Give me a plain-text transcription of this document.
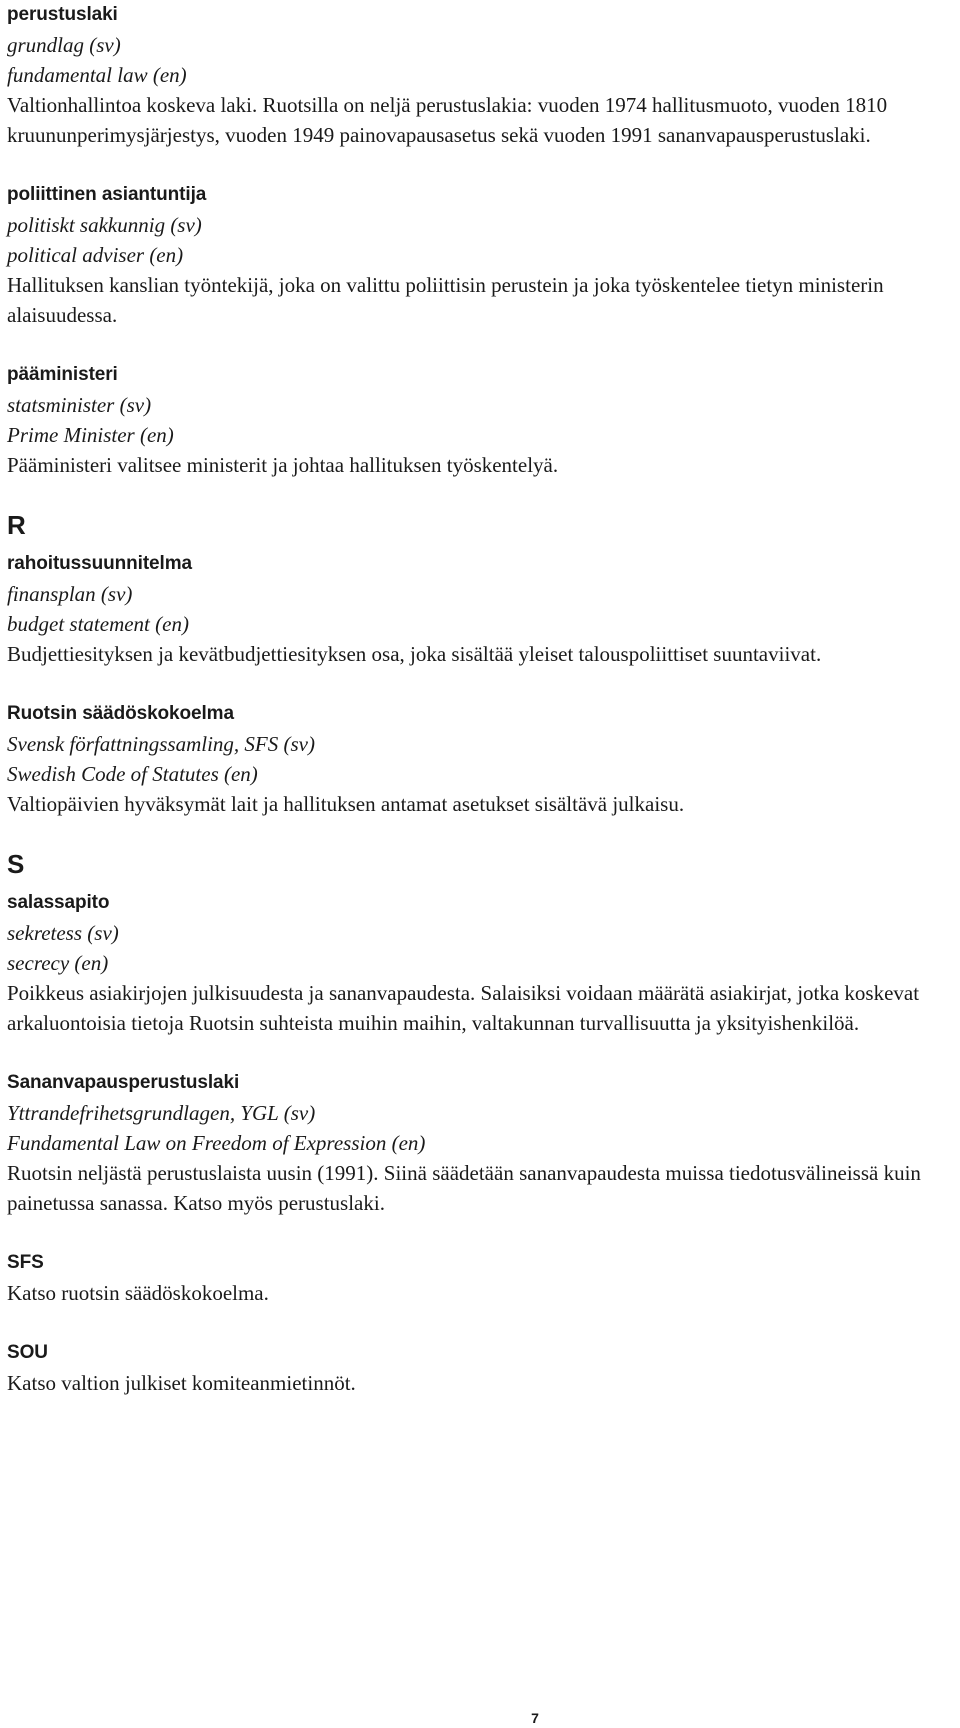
perustuslaki
grundlag (sv)
fundamental law (en)
Valtionhallintoa koskeva laki. Ruotsilla on neljä perustuslakia: vuoden 1974 hallitusmuoto, vuoden 1810 kruununperimysjärjestys, vuoden 1949 painovapausasetus sekä vuoden 1991 sananvapausperustuslaki.
poliittinen asiantuntija
politiskt sakkunnig (sv)
political adviser (en)
Hallituksen kanslian työntekijä, joka on valittu poliittisin perustein ja joka työskentelee tietyn ministerin alaisuudessa.
pääministeri
statsminister (sv)
Prime Minister (en)
Pääministeri valitsee ministerit ja johtaa hallituksen työskentelyä.
R
rahoitussuunnitelma
finansplan (sv)
budget statement (en)
Budjettiesityksen ja kevätbudjettiesityksen osa, joka sisältää yleiset talouspoliittiset suuntaviivat.
Ruotsin säädöskokoelma
Svensk författningssamling, SFS (sv)
Swedish Code of Statutes (en)
Valtiopäivien hyväksymät lait ja hallituksen antamat asetukset sisältävä julkaisu.
S
salassapito
sekretess (sv)
secrecy (en)
Poikkeus asiakirjojen julkisuudesta ja sananvapaudesta. Salaisiksi voidaan määrätä asiakirjat, jotka koskevat arkaluontoisia tietoja Ruotsin suhteista muihin maihin, valtakunnan turvallisuutta ja yksityishenkilöä.
Sananvapausperustuslaki
Yttrandefrihetsgrundlagen, YGL (sv)
Fundamental Law on Freedom of Expression (en)
Ruotsin neljästä perustuslaista uusin (1991). Siinä säädetään sananvapaudesta muissa tiedotusvälineissä kuin painetussa sanassa. Katso myös perustuslaki.
SFS
Katso ruotsin säädöskokoelma.
SOU
Katso valtion julkiset komiteanmietinnöt.
7
